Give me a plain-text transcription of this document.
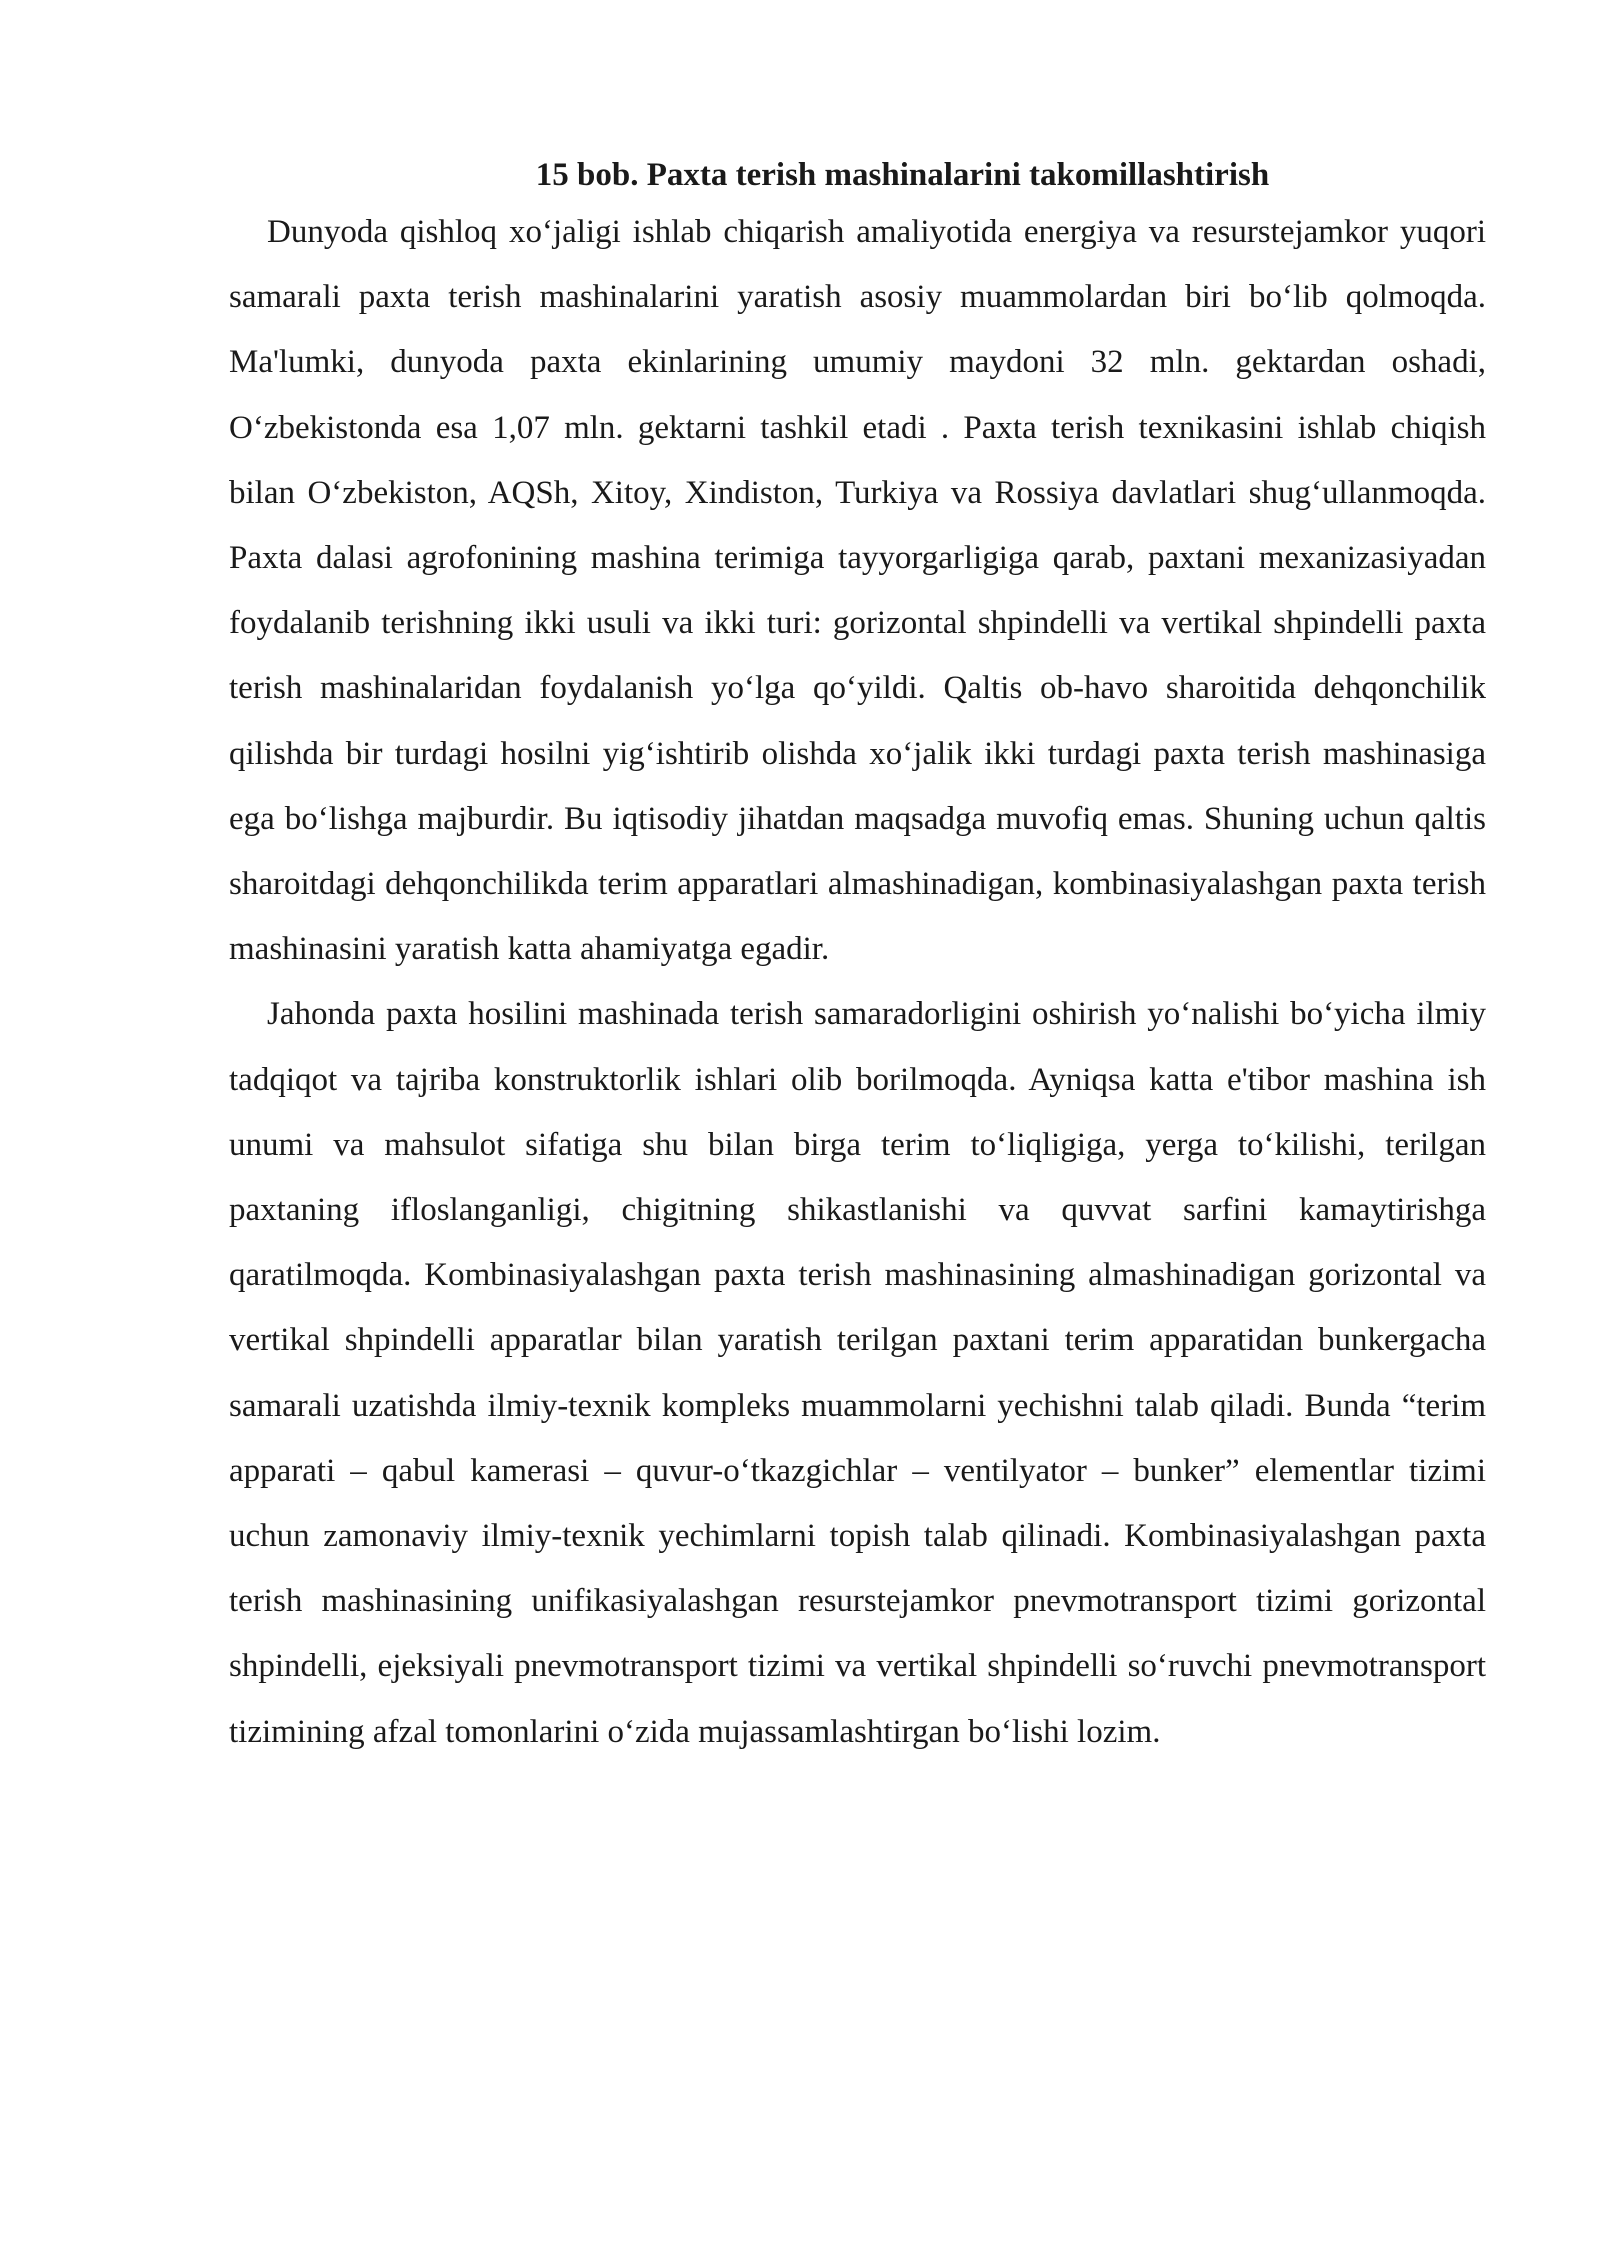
15 bob. Paxta terish mashinalarini takomillashtirish

Dunyoda qishloq xo‘jaligi ishlab chiqarish amaliyotida energiya va resurstejamkor yuqori samarali paxta terish mashinalarini yaratish asosiy muammolardan biri bo‘lib qolmoqda. Ma'lumki, dunyoda paxta ekinlarining umumiy maydoni 32 mln. gektardan oshadi, O‘zbekistonda esa 1,07 mln. gektarni tashkil etadi . Paxta terish texnikasini ishlab chiqish bilan O‘zbekiston, AQSh, Xitoy, Xindiston, Turkiya va Rossiya davlatlari shug‘ullanmoqda. Paxta dalasi agrofonining mashina terimiga tayyorgarligiga qarab, paxtani mexanizasiyadan foydalanib terishning ikki usuli va ikki turi: gorizontal shpindelli va vertikal shpindelli paxta terish mashinalaridan foydalanish yo‘lga qo‘yildi. Qaltis ob-havo sharoitida dehqonchilik qilishda bir turdagi hosilni yig‘ishtirib olishda xo‘jalik ikki turdagi paxta terish mashinasiga ega bo‘lishga majburdir. Bu iqtisodiy jihatdan maqsadga muvofiq emas. Shuning uchun qaltis sharoitdagi dehqonchilikda terim apparatlari almashinadigan, kombinasiyalashgan paxta terish mashinasini yaratish katta ahamiyatga egadir.

Jahonda paxta hosilini mashinada terish samaradorligini oshirish yo‘nalishi bo‘yicha ilmiy tadqiqot va tajriba konstruktorlik ishlari olib borilmoqda. Ayniqsa katta e'tibor mashina ish unumi va mahsulot sifatiga shu bilan birga terim to‘liqligiga, yerga to‘kilishi, terilgan paxtaning ifloslanganligi, chigitning shikastlanishi va quvvat sarfini kamaytirishga qaratilmoqda. Kombinasiyalashgan paxta terish mashinasining almashinadigan gorizontal va vertikal shpindelli apparatlar bilan yaratish terilgan paxtani terim apparatidan bunkergacha samarali uzatishda ilmiy-texnik kompleks muammolarni yechishni talab qiladi. Bunda “terim apparati – qabul kamerasi – quvur-o‘tkazgichlar – ventilyator – bunker” elementlar tizimi uchun zamonaviy ilmiy-texnik yechimlarni topish talab qilinadi. Kombinasiyalashgan paxta terish mashinasining unifikasiyalashgan resurstejamkor pnevmotransport tizimi gorizontal shpindelli, ejeksiyali pnevmotransport tizimi va vertikal shpindelli so‘ruvchi pnevmotransport tizimining afzal tomonlarini o‘zida mujassamlashtirgan bo‘lishi lozim.
